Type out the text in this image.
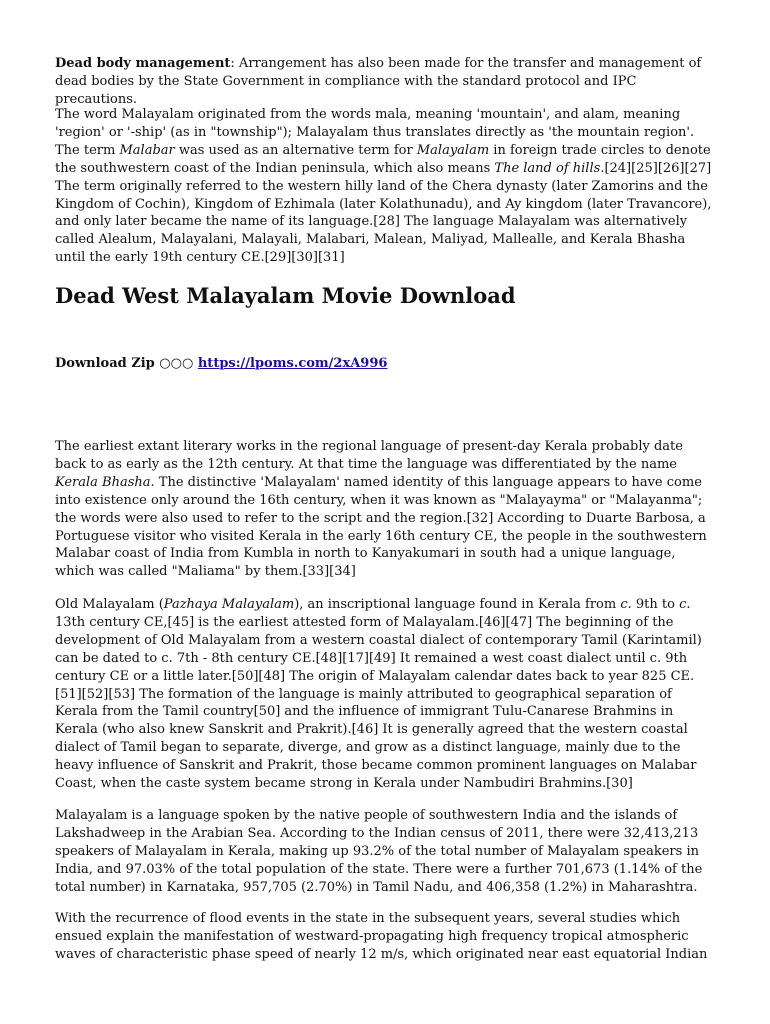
Dead body management: Arrangement has also been made for the transfer and management of dead bodies by the State Government in compliance with the standard protocol and IPC precautions.

The word Malayalam originated from the words mala, meaning 'mountain', and alam, meaning 'region' or '-ship' (as in "township"); Malayalam thus translates directly as 'the mountain region'. The term Malabar was used as an alternative term for Malayalam in foreign trade circles to denote the southwestern coast of the Indian peninsula, which also means The land of hills.[24][25][26][27] The term originally referred to the western hilly land of the Chera dynasty (later Zamorins and the Kingdom of Cochin), Kingdom of Ezhimala (later Kolathunadu), and Ay kingdom (later Travancore), and only later became the name of its language.[28] The language Malayalam was alternatively called Alealum, Malayalani, Malayali, Malabari, Malean, Maliyad, Mallealle, and Kerala Bhasha until the early 19th century CE.[29][30][31]

Dead West Malayalam Movie Download
Download Zip ○○○ https://lpoms.com/2xA996

The earliest extant literary works in the regional language of present-day Kerala probably date back to as early as the 12th century. At that time the language was differentiated by the name Kerala Bhasha. The distinctive 'Malayalam' named identity of this language appears to have come into existence only around the 16th century, when it was known as "Malayayma" or "Malayanma"; the words were also used to refer to the script and the region.[32] According to Duarte Barbosa, a Portuguese visitor who visited Kerala in the early 16th century CE, the people in the southwestern Malabar coast of India from Kumbla in north to Kanyakumari in south had a unique language, which was called "Maliama" by them.[33][34]

Old Malayalam (Pazhaya Malayalam), an inscriptional language found in Kerala from c. 9th to c. 13th century CE,[45] is the earliest attested form of Malayalam.[46][47] The beginning of the development of Old Malayalam from a western coastal dialect of contemporary Tamil (Karintamil) can be dated to c. 7th - 8th century CE.[48][17][49] It remained a west coast dialect until c. 9th century CE or a little later.[50][48] The origin of Malayalam calendar dates back to year 825 CE.[51][52][53] The formation of the language is mainly attributed to geographical separation of Kerala from the Tamil country[50] and the influence of immigrant Tulu-Canarese Brahmins in Kerala (who also knew Sanskrit and Prakrit).[46] It is generally agreed that the western coastal dialect of Tamil began to separate, diverge, and grow as a distinct language, mainly due to the heavy influence of Sanskrit and Prakrit, those became common prominent languages on Malabar Coast, when the caste system became strong in Kerala under Nambudiri Brahmins.[30]

Malayalam is a language spoken by the native people of southwestern India and the islands of Lakshadweep in the Arabian Sea. According to the Indian census of 2011, there were 32,413,213 speakers of Malayalam in Kerala, making up 93.2% of the total number of Malayalam speakers in India, and 97.03% of the total population of the state. There were a further 701,673 (1.14% of the total number) in Karnataka, 957,705 (2.70%) in Tamil Nadu, and 406,358 (1.2%) in Maharashtra.

With the recurrence of flood events in the state in the subsequent years, several studies which ensued explain the manifestation of westward-propagating high frequency tropical atmospheric waves of characteristic phase speed of nearly 12 m/s, which originated near east equatorial Indian
